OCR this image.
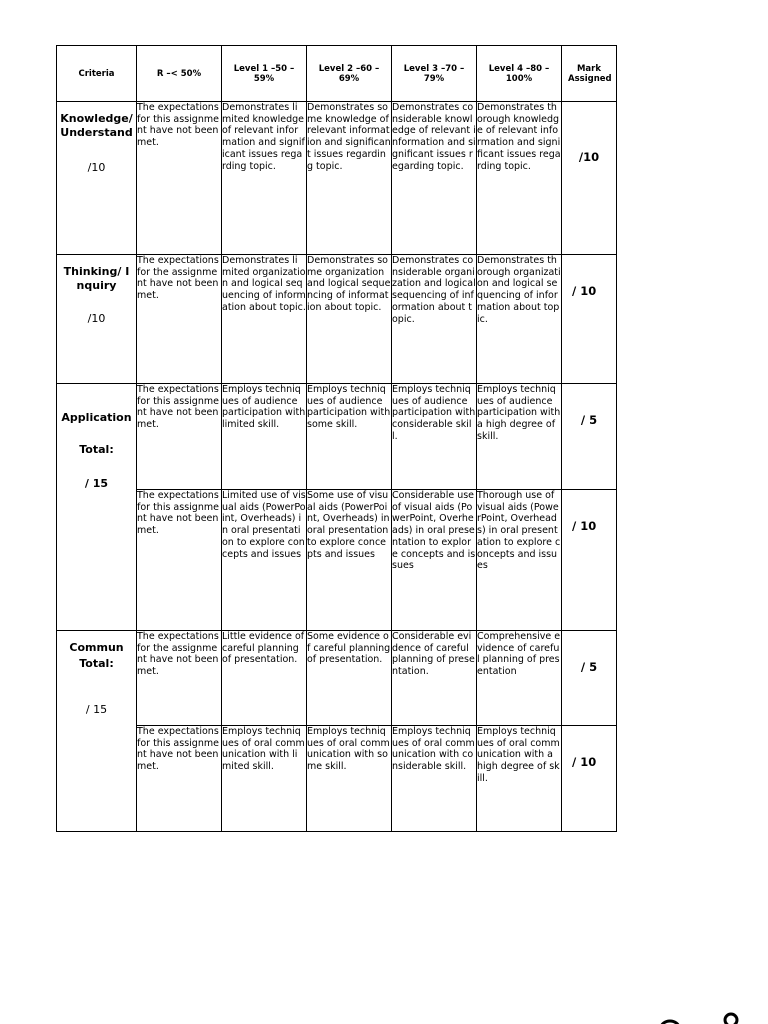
Criteria	R –< 50%	Level 1 –50 – 59%	Level 2 –60 – 69%	Level 3 –70 – 79%	Level 4 –80 – 100%	Mark Assigned

Knowledge/ Understand
/10	The expectations for this assignment have not been met.	Demonstrates limited knowledge of relevant information and significant issues regarding topic.	Demonstrates some knowledge of relevant information and significant issues regarding topic.	Demonstrates considerable knowledge of relevant information and significant issues regarding topic.	Demonstrates thorough knowledge of relevant information and significant issues regarding topic.	/10

Thinking/ Inquiry
/10	The expectations for the assignment have not been met.	Demonstrates limited organization and logical sequencing of information about topic.	Demonstrates some organization and logical sequencing of information about topic.	Demonstrates considerable organization and logical sequencing of information about topic.	Demonstrates thorough organization and logical sequencing of information about topic.	/ 10

Application
Total:
/ 15	The expectations for this assignment have not been met.	Employs techniques of audience participation with limited skill.	Employs techniques of audience participation with some skill.	Employs techniques of audience participation with considerable skill.	Employs techniques of audience participation with a high degree of skill.	/ 5
	The expectations for this assignment have not been met.	Limited use of visual aids (PowerPoint, Overheads) in oral presentation to explore concepts and issues	Some use of visual aids (PowerPoint, Overheads) in oral presentation to explore concepts and issues	Considerable use of visual aids (PowerPoint, Overheads) in oral presentation to explore concepts and issues	Thorough use of visual aids (PowerPoint, Overheads) in oral presentation to explore concepts and issues	/ 10

Commun
Total:
/ 15	The expectations for the assignment have not been met.	Little evidence of careful planning of presentation.	Some evidence of careful planning of presentation.	Considerable evidence of careful planning of presentation.	Comprehensive evidence of careful planning of presentation	/ 5
	The expectations for this assignment have not been met.	Employs techniques of oral communication with limited skill.	Employs techniques of oral communication with some skill.	Employs techniques of oral communication with considerable skill.	Employs techniques of oral communication with a high degree of skill.	/ 10
